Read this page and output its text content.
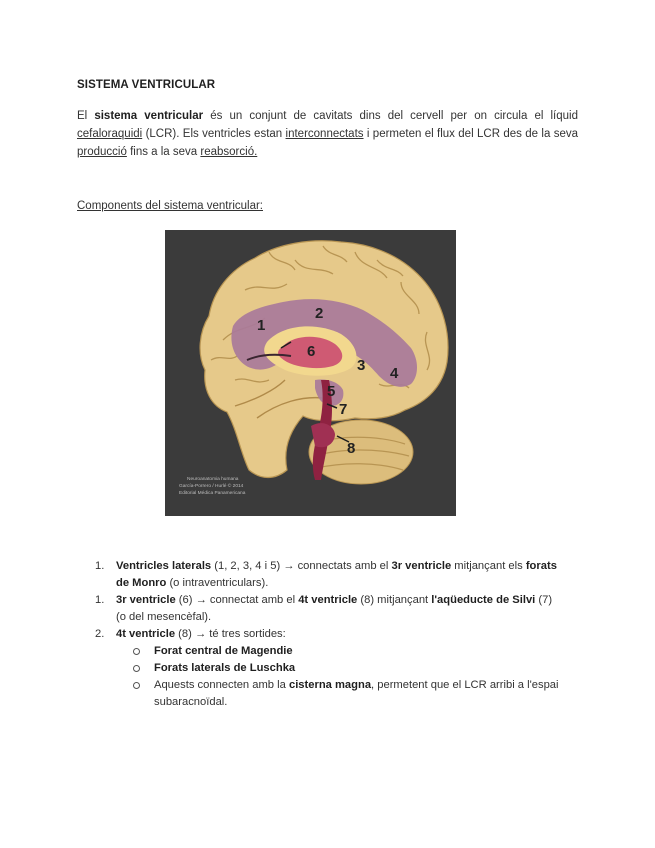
SISTEMA VENTRICULAR
El sistema ventricular és un conjunt de cavitats dins del cervell per on circula el líquid cefaloraquidi (LCR). Els ventricles estan interconnectats i permeten el flux del LCR des de la seva producció fins a la seva reabsorció.
Components del sistema ventricular:
1
2
3 4
5
6
7
8
Neuroanatomia humana
García-Porrero / Hurlé © 2014
Editorial Médica Panamericana
1. Ventricles laterals (1, 2, 3, 4 i 5) → connectats amb el 3r ventricle mitjançant els forats de Monro (o intraventriculars).
1. 3r ventricle (6) → connectat amb el 4t ventricle (8) mitjançant l'aqüeducte de Silvi (7) (o del mesencèfal).
2. 4t ventricle (8) → té tres sortides:
Forat central de Magendie
Forats laterals de Luschka
Aquests connecten amb la cisterna magna, permetent que el LCR arribi a l'espai subaracnoïdal.
